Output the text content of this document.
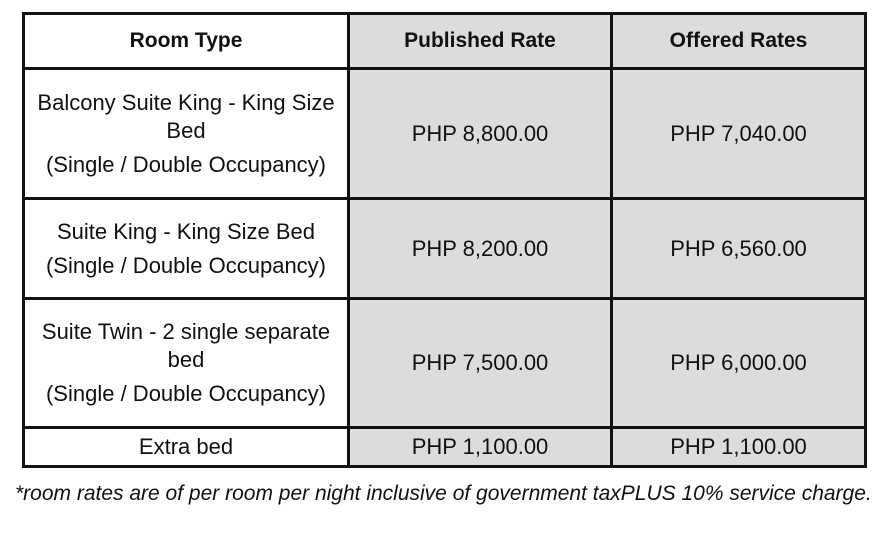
Room Type	Published Rate	Offered Rates
Balcony Suite King - King Size Bed
(Single / Double Occupancy)	PHP 8,800.00	PHP 7,040.00
Suite King - King Size Bed
(Single / Double Occupancy)	PHP 8,200.00	PHP 6,560.00
Suite Twin - 2 single separate bed
(Single / Double Occupancy)	PHP 7,500.00	PHP 6,000.00
Extra bed	PHP 1,100.00	PHP 1,100.00
*room rates are of per room per night inclusive of government taxPLUS 10% service charge.
